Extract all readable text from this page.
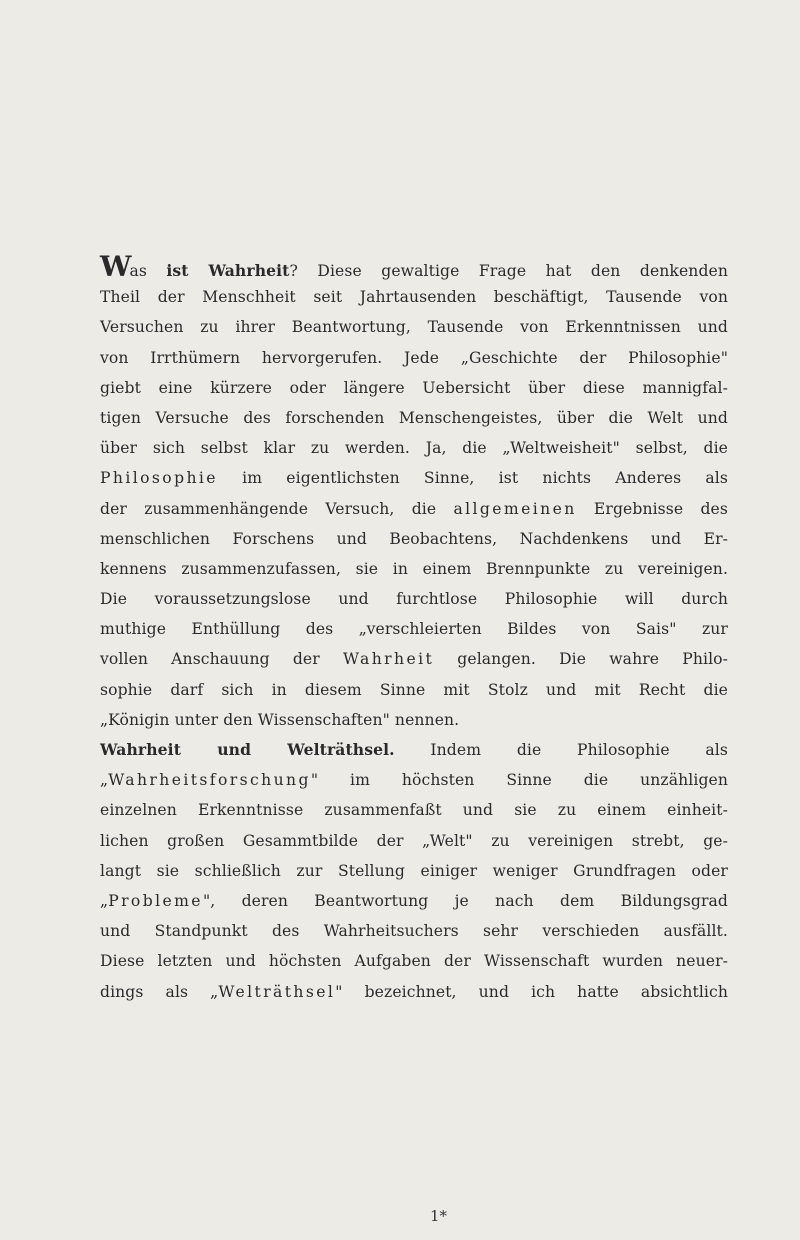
Was ist Wahrheit? Diese gewaltige Frage hat den denkenden
Theil der Menschheit seit Jahrtausenden beschäftigt, Tausende von
Versuchen zu ihrer Beantwortung, Tausende von Erkenntnissen und
von Irrthümern hervorgerufen. Jede „Geschichte der Philosophie"
giebt eine kürzere oder längere Uebersicht über diese mannigfal-
tigen Versuche des forschenden Menschengeistes, über die Welt und
über sich selbst klar zu werden. Ja, die „Weltweisheit" selbst, die
Philosophie im eigentlichsten Sinne, ist nichts Anderes als
der zusammenhängende Versuch, die allgemeinen Ergebnisse des
menschlichen Forschens und Beobachtens, Nachdenkens und Er-
kennens zusammenzufassen, sie in einem Brennpunkte zu vereinigen.
Die voraussetzungslose und furchtlose Philosophie will durch
muthige Enthüllung des „verschleierten Bildes von Sais" zur
vollen Anschauung der Wahrheit gelangen. Die wahre Philo-
sophie darf sich in diesem Sinne mit Stolz und mit Recht die
„Königin unter den Wissenschaften" nennen.
Wahrheit und Welträthsel. Indem die Philosophie als
„Wahrheitsforschung" im höchsten Sinne die unzähligen
einzelnen Erkenntnisse zusammenfaßt und sie zu einem einheit-
lichen großen Gesammtbilde der „Welt" zu vereinigen strebt, ge-
langt sie schließlich zur Stellung einiger weniger Grundfragen oder
„Probleme", deren Beantwortung je nach dem Bildungsgrad
und Standpunkt des Wahrheitsuchers sehr verschieden ausfällt.
Diese letzten und höchsten Aufgaben der Wissenschaft wurden neuer-
dings als „Welträthsel" bezeichnet, und ich hatte absichtlich
1*
